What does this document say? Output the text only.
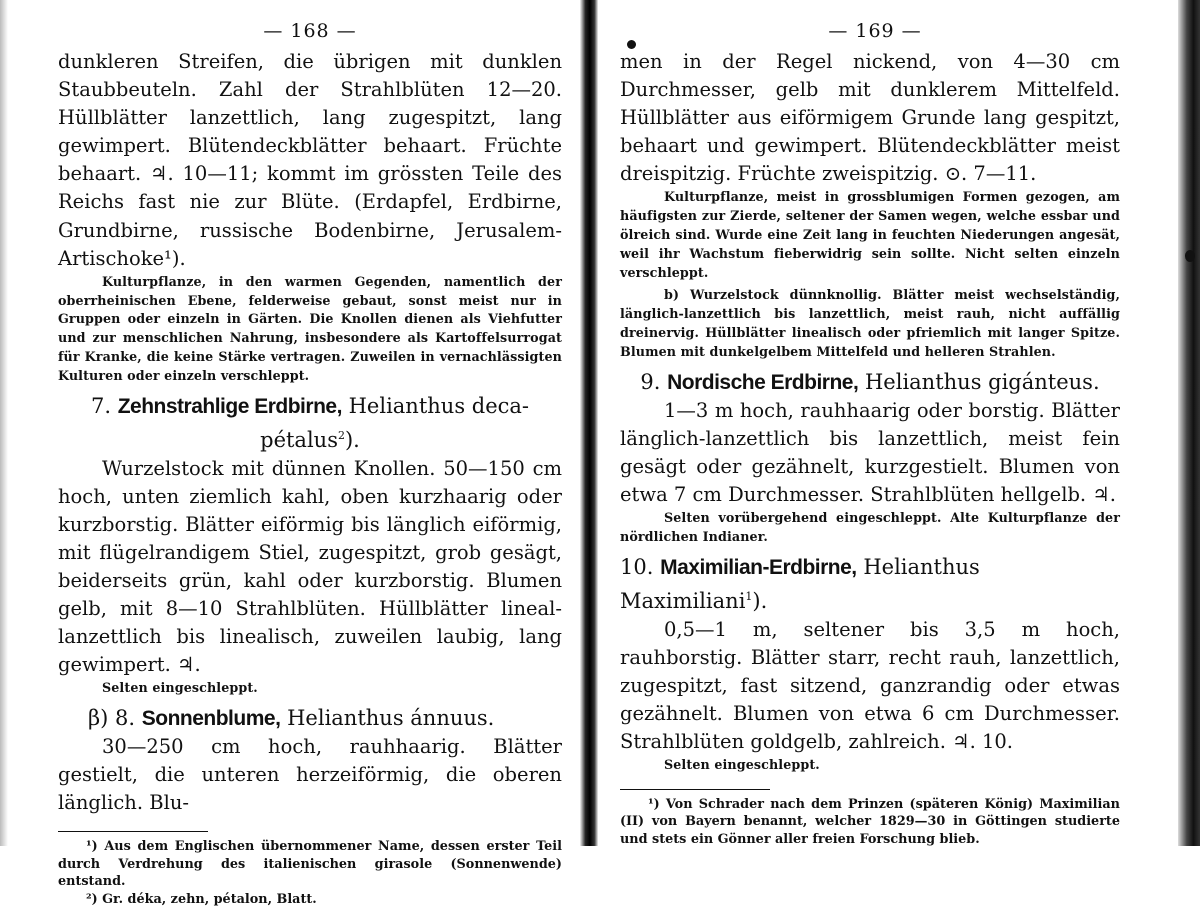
— 168 —

dunkleren Streifen, die übrigen mit dunklen Staubbeuteln. Zahl der Strahlblüten 12—20. Hüllblätter lanzettlich, lang zugespitzt, lang gewimpert. Blütendeckblätter behaart. Früchte behaart. ♃. 10—11; kommt im grössten Teile des Reichs fast nie zur Blüte. (Erdapfel, Erdbirne, Grundbirne, russische Bodenbirne, Jerusalem-Artischoke¹).

Kulturpflanze, in den warmen Gegenden, namentlich der oberrheinischen Ebene, felderweise gebaut, sonst meist nur in Gruppen oder einzeln in Gärten. Die Knollen dienen als Viehfutter und zur menschlichen Nahrung, insbesondere als Kartoffelsurrogat für Kranke, die keine Stärke vertragen. Zuweilen in vernachlässigten Kulturen oder einzeln verschleppt.

7. Zehnstrahlige Erdbirne, Helianthus deca-
pétalus$^2$).

Wurzelstock mit dünnen Knollen. 50—150 cm hoch, unten ziemlich kahl, oben kurzhaarig oder kurzborstig. Blätter eiförmig bis länglich eiförmig, mit flügelrandigem Stiel, zugespitzt, grob gesägt, beiderseits grün, kahl oder kurzborstig. Blumen gelb, mit 8—10 Strahlblüten. Hüllblätter lineal-lanzettlich bis linealisch, zuweilen laubig, lang gewimpert. ♃.

Selten eingeschleppt.

β) 8. Sonnenblume, Helianthus ánnuus.

30—250 cm hoch, rauhhaarig. Blätter gestielt, die unteren herzeiförmig, die oberen länglich. Blu-

¹) Aus dem Englischen übernommener Name, dessen erster Teil durch Verdrehung des italienischen girasole (Sonnenwende) entstand.

²) Gr. déka, zehn, pétalon, Blatt.

— 169 —

men in der Regel nickend, von 4—30 cm Durchmesser, gelb mit dunklerem Mittelfeld. Hüllblätter aus eiförmigem Grunde lang gespitzt, behaart und gewimpert. Blütendeckblätter meist dreispitzig. Früchte zweispitzig. ⊙. 7—11.

Kulturpflanze, meist in grossblumigen Formen gezogen, am häufigsten zur Zierde, seltener der Samen wegen, welche essbar und ölreich sind. Wurde eine Zeit lang in feuchten Niederungen angesät, weil ihr Wachstum fieberwidrig sein sollte. Nicht selten einzeln verschleppt.

b) Wurzelstock dünnknollig. Blätter meist wechselständig, länglich-lanzettlich bis lanzettlich, meist rauh, nicht auffällig dreinervig. Hüllblätter linealisch oder pfriemlich mit langer Spitze. Blumen mit dunkelgelbem Mittelfeld und helleren Strahlen.

9. Nordische Erdbirne, Helianthus gigánteus.

1—3 m hoch, rauhhaarig oder borstig. Blätter länglich-lanzettlich bis lanzettlich, meist fein gesägt oder gezähnelt, kurzgestielt. Blumen von etwa 7 cm Durchmesser. Strahlblüten hellgelb. ♃.

Selten vorübergehend eingeschleppt. Alte Kulturpflanze der nördlichen Indianer.

10. Maximilian-Erdbirne, Helianthus Maximiliani$^1$).

0,5—1 m, seltener bis 3,5 m hoch, rauhborstig. Blätter starr, recht rauh, lanzettlich, zugespitzt, fast sitzend, ganzrandig oder etwas gezähnelt. Blumen von etwa 6 cm Durchmesser. Strahlblüten goldgelb, zahlreich. ♃. 10.

Selten eingeschleppt.

¹) Von Schrader nach dem Prinzen (späteren König) Maximilian (II) von Bayern benannt, welcher 1829—30 in Göttingen studierte und stets ein Gönner aller freien Forschung blieb.
